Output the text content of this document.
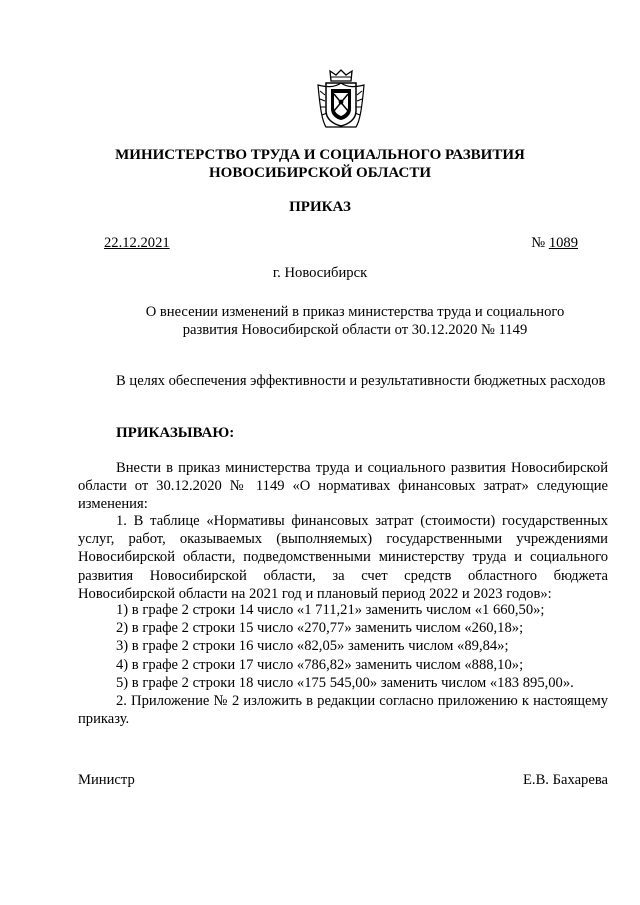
МИНИСТЕРСТВО ТРУДА И СОЦИАЛЬНОГО РАЗВИТИЯ
НОВОСИБИРСКОЙ ОБЛАСТИ
ПРИКАЗ
22.12.2021	№ 1089
г. Новосибирск
О внесении изменений в приказ министерства труда и социального
развития Новосибирской области от 30.12.2020 № 1149
В целях обеспечения эффективности и результативности бюджетных расходов
ПРИКАЗЫВАЮ:
Внести в приказ министерства труда и социального развития Новосибирской области от 30.12.2020 № 1149 «О нормативах финансовых затрат» следующие изменения:
1. В таблице «Нормативы финансовых затрат (стоимости) государственных услуг, работ, оказываемых (выполняемых) государственными учреждениями Новосибирской области, подведомственными министерству труда и социального развития Новосибирской области, за счет средств областного бюджета Новосибирской области на 2021 год и плановый период 2022 и 2023 годов»:
1) в графе 2 строки 14 число «1 711,21» заменить числом «1 660,50»;
2) в графе 2 строки 15 число «270,77» заменить числом «260,18»;
3) в графе 2 строки 16 число «82,05» заменить числом «89,84»;
4) в графе 2 строки 17 число «786,82» заменить числом «888,10»;
5) в графе 2 строки 18 число «175 545,00» заменить числом «183 895,00».
2. Приложение № 2 изложить в редакции согласно приложению к настоящему приказу.
Министр	Е.В. Бахарева
